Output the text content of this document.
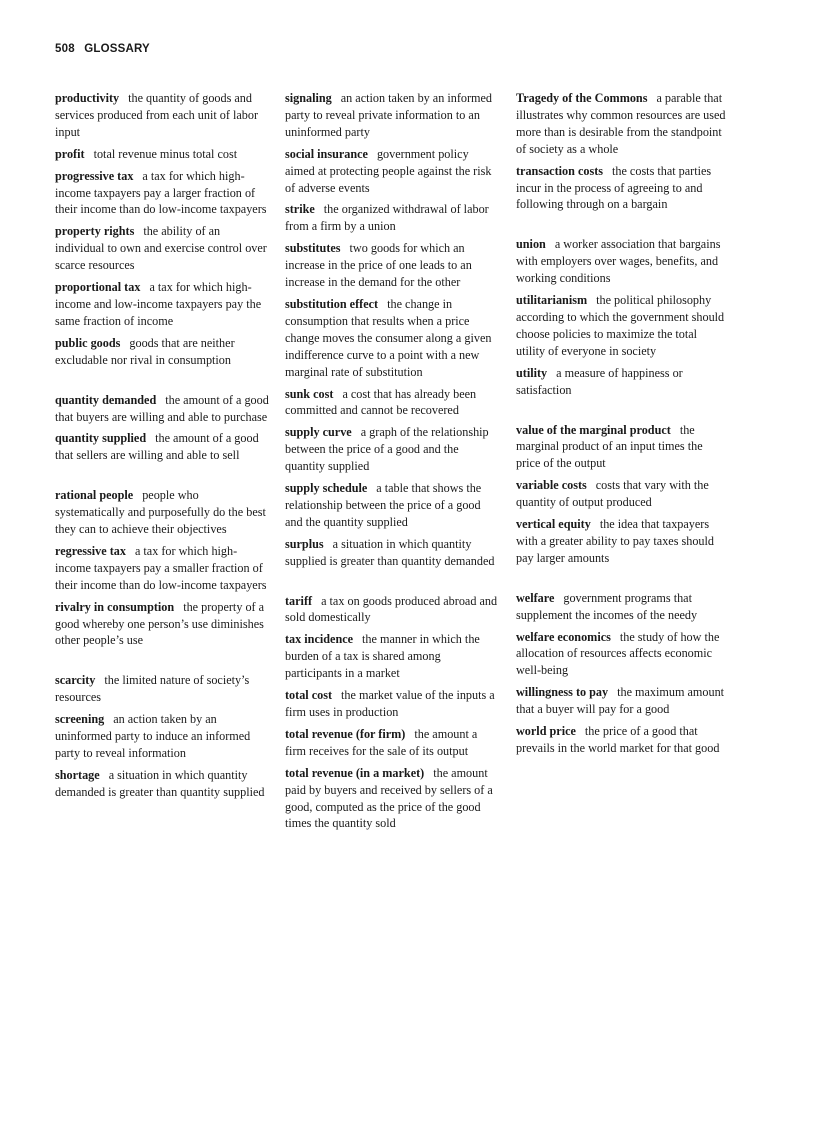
508 GLOSSARY

productivity the quantity of goods and services produced from each unit of labor input

profit total revenue minus total cost

progressive tax a tax for which high-income taxpayers pay a larger fraction of their income than do low-income taxpayers

property rights the ability of an individual to own and exercise control over scarce resources

proportional tax a tax for which high-income and low-income taxpayers pay the same fraction of income

public goods goods that are neither excludable nor rival in consumption

quantity demanded the amount of a good that buyers are willing and able to purchase

quantity supplied the amount of a good that sellers are willing and able to sell

rational people people who systematically and purposefully do the best they can to achieve their objectives

regressive tax a tax for which high-income taxpayers pay a smaller fraction of their income than do low-income taxpayers

rivalry in consumption the property of a good whereby one person’s use diminishes other people’s use

scarcity the limited nature of society’s resources

screening an action taken by an uninformed party to induce an informed party to reveal information

shortage a situation in which quantity demanded is greater than quantity supplied

signaling an action taken by an informed party to reveal private information to an uninformed party

social insurance government policy aimed at protecting people against the risk of adverse events

strike the organized withdrawal of labor from a firm by a union

substitutes two goods for which an increase in the price of one leads to an increase in the demand for the other

substitution effect the change in consumption that results when a price change moves the consumer along a given indifference curve to a point with a new marginal rate of substitution

sunk cost a cost that has already been committed and cannot be recovered

supply curve a graph of the relationship between the price of a good and the quantity supplied

supply schedule a table that shows the relationship between the price of a good and the quantity supplied

surplus a situation in which quantity supplied is greater than quantity demanded

tariff a tax on goods produced abroad and sold domestically

tax incidence the manner in which the burden of a tax is shared among participants in a market

total cost the market value of the inputs a firm uses in production

total revenue (for firm) the amount a firm receives for the sale of its output

total revenue (in a market) the amount paid by buyers and received by sellers of a good, computed as the price of the good times the quantity sold

Tragedy of the Commons a parable that illustrates why common resources are used more than is desirable from the standpoint of society as a whole

transaction costs the costs that parties incur in the process of agreeing to and following through on a bargain

union a worker association that bargains with employers over wages, benefits, and working conditions

utilitarianism the political philosophy according to which the government should choose policies to maximize the total utility of everyone in society

utility a measure of happiness or satisfaction

value of the marginal product the marginal product of an input times the price of the output

variable costs costs that vary with the quantity of output produced

vertical equity the idea that taxpayers with a greater ability to pay taxes should pay larger amounts

welfare government programs that supplement the incomes of the needy

welfare economics the study of how the allocation of resources affects economic well-being

willingness to pay the maximum amount that a buyer will pay for a good

world price the price of a good that prevails in the world market for that good
